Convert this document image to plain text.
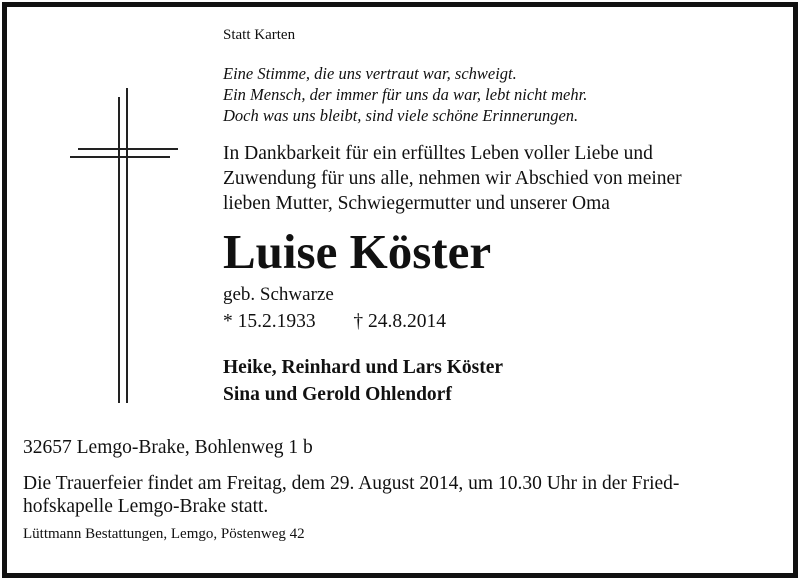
Statt Karten
Eine Stimme, die uns vertraut war, schweigt.
Ein Mensch, der immer für uns da war, lebt nicht mehr.
Doch was uns bleibt, sind viele schöne Erinnerungen.
In Dankbarkeit für ein erfülltes Leben voller Liebe und
Zuwendung für uns alle, nehmen wir Abschied von meiner
lieben Mutter, Schwiegermutter und unserer Oma
Luise Köster
geb. Schwarze
* 15.2.1933 † 24.8.2014
Heike, Reinhard und Lars Köster
Sina und Gerold Ohlendorf
32657 Lemgo-Brake, Bohlenweg 1 b
Die Trauerfeier findet am Freitag, dem 29. August 2014, um 10.30 Uhr in der Fried-
hofskapelle Lemgo-Brake statt.
Lüttmann Bestattungen, Lemgo, Pöstenweg 42
